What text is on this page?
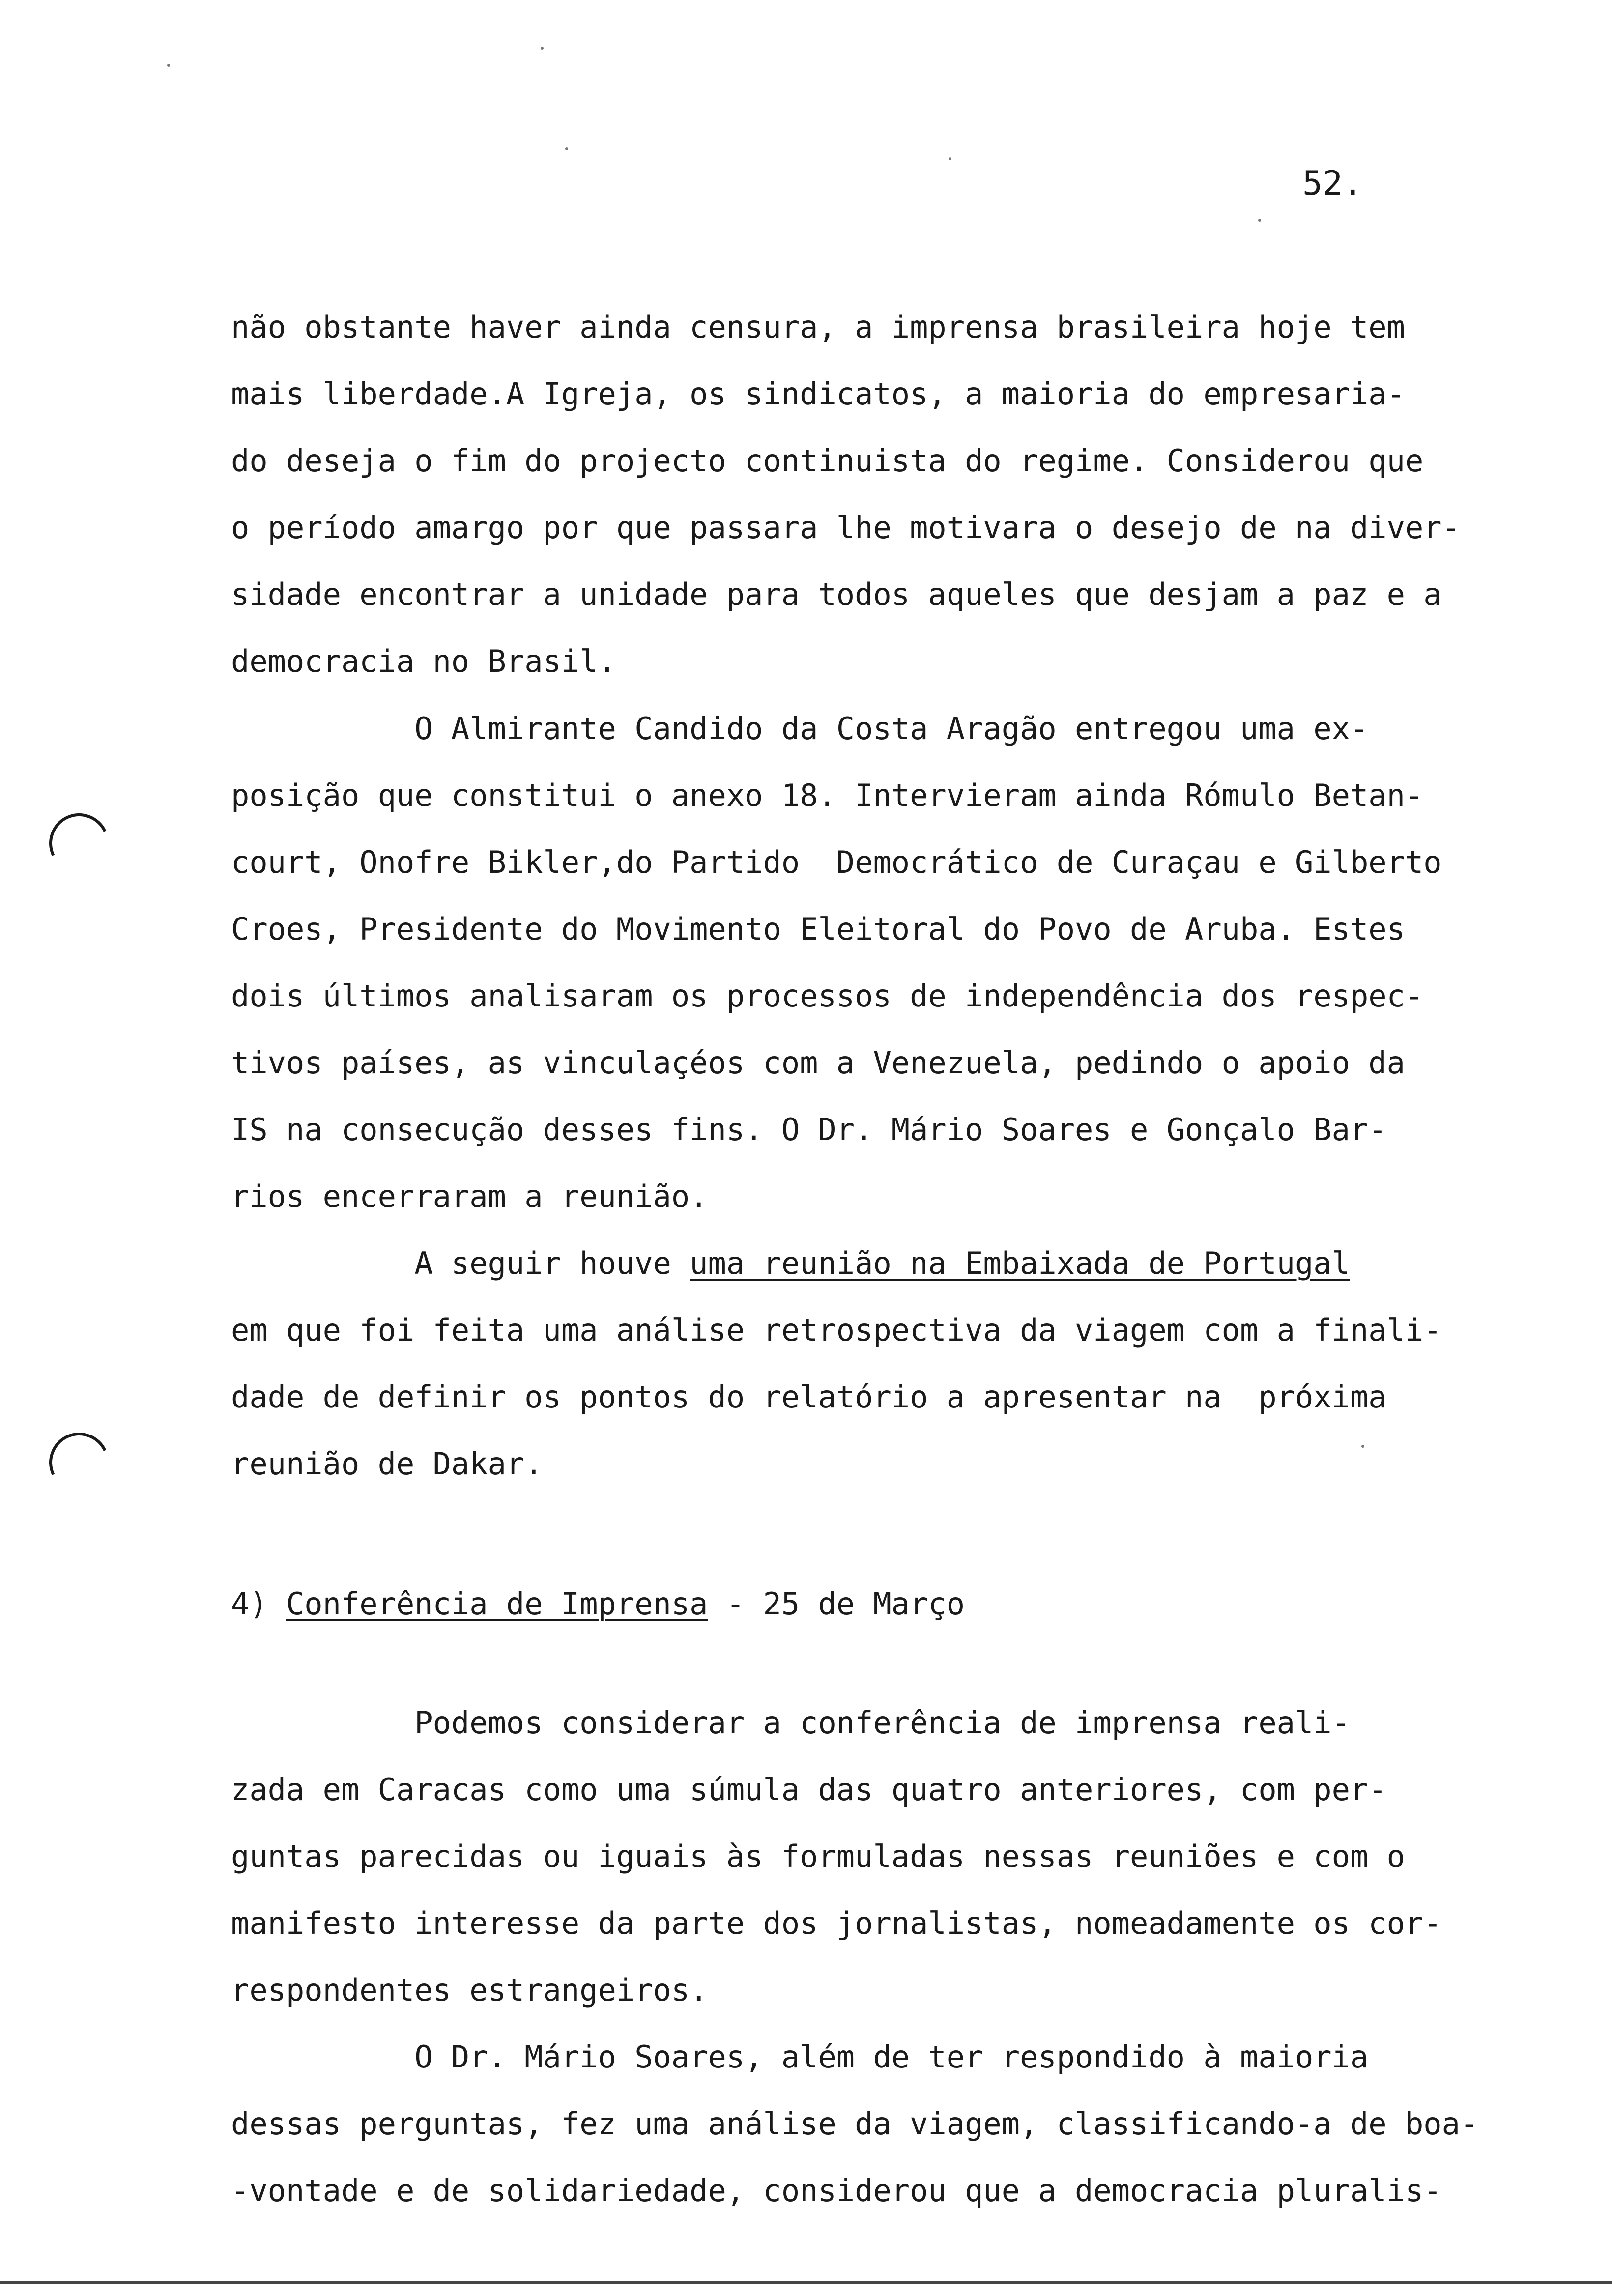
52.
não obstante haver ainda censura, a imprensa brasileira hoje tem
mais liberdade.A Igreja, os sindicatos, a maioria do empresaria-
do deseja o fim do projecto continuista do regime. Considerou que
o período amargo por que passara lhe motivara o desejo de na diver-
sidade encontrar a unidade para todos aqueles que desjam a paz e a
democracia no Brasil.
O Almirante Candido da Costa Aragão entregou uma ex-
posição que constitui o anexo 18. Intervieram ainda Rómulo Betan-
court, Onofre Bikler,do Partido  Democrático de Curaçau e Gilberto
Croes, Presidente do Movimento Eleitoral do Povo de Aruba. Estes
dois últimos analisaram os processos de independência dos respec-
tivos países, as vinculaçéos com a Venezuela, pedindo o apoio da
IS na consecução desses fins. O Dr. Mário Soares e Gonçalo Bar-
rios encerraram a reunião.
A seguir houve uma reunião na Embaixada de Portugal
em que foi feita uma análise retrospectiva da viagem com a finali-
dade de definir os pontos do relatório a apresentar na  próxima
reunião de Dakar.
4) Conferência de Imprensa - 25 de Março
Podemos considerar a conferência de imprensa reali-
zada em Caracas como uma súmula das quatro anteriores, com per-
guntas parecidas ou iguais às formuladas nessas reuniões e com o
manifesto interesse da parte dos jornalistas, nomeadamente os cor-
respondentes estrangeiros.
O Dr. Mário Soares, além de ter respondido à maioria
dessas perguntas, fez uma análise da viagem, classificando-a de boa-
-vontade e de solidariedade, considerou que a democracia pluralis-
